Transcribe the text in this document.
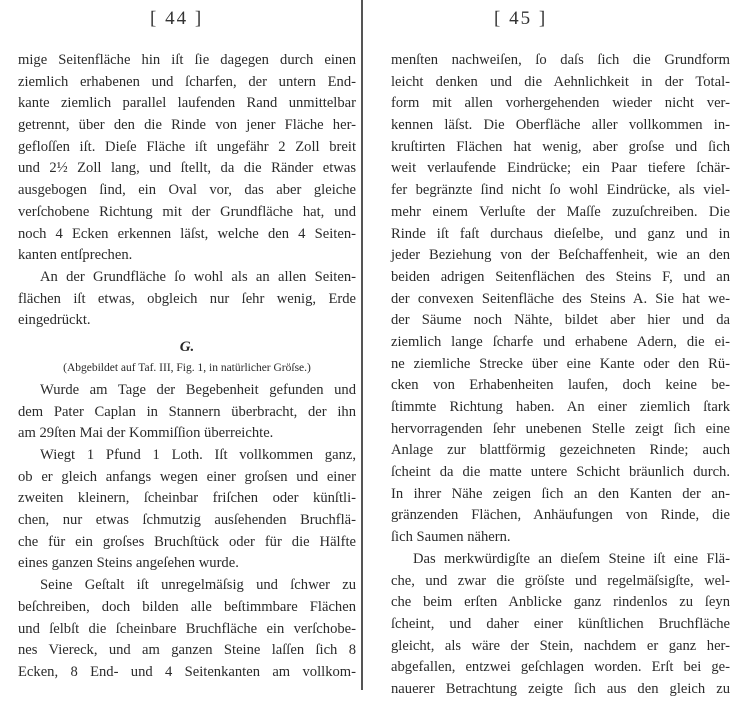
[ 44 ]
mige Seitenfläche hin iſt ſie dagegen durch einen
ziemlich erhabenen und ſcharfen, der untern End-
kante ziemlich parallel laufenden Rand unmittelbar
getrennt, über den die Rinde von jener Fläche her-
gefloſſen iſt. Dieſe Fläche iſt ungefähr 2 Zoll breit
und 2½ Zoll lang, und ſtellt, da die Ränder etwas
ausgebogen ſind, ein Oval vor, das aber gleiche
verſchobene Richtung mit der Grundfläche hat, und
noch 4 Ecken erkennen läſst, welche den 4 Seiten-
kanten entſprechen.
An der Grundfläche ſo wohl als an allen Seiten-
flächen iſt etwas, obgleich nur ſehr wenig, Erde
eingedrückt.
G.
(Abgebildet auf Taf. III, Fig. 1, in natürlicher Gröſse.)
Wurde am Tage der Begebenheit gefunden und
dem Pater Caplan in Stannern überbracht, der ihn
am 29ſten Mai der Kommiſſion überreichte.
Wiegt 1 Pfund 1 Loth. Iſt vollkommen ganz,
ob er gleich anfangs wegen einer groſsen und einer
zweiten kleinern, ſcheinbar friſchen oder künſtli-
chen, nur etwas ſchmutzig ausſehenden Bruchflä-
che für ein groſses Bruchſtück oder für die Hälfte
eines ganzen Steins angeſehen wurde.
Seine Geſtalt iſt unregelmäſsig und ſchwer zu
beſchreiben, doch bilden alle beſtimmbare Flächen
und ſelbſt die ſcheinbare Bruchfläche ein verſchobe-
nes Viereck, und am ganzen Steine laſſen ſich 8
Ecken, 8 End- und 4 Seitenkanten am vollkom-
[ 45 ]
menſten nachweiſen, ſo daſs ſich die Grundform
leicht denken und die Aehnlichkeit in der Total-
form mit allen vorhergehenden wieder nicht ver-
kennen läſst. Die Oberfläche aller vollkommen in-
kruſtirten Flächen hat wenig, aber groſse und ſich
weit verlaufende Eindrücke; ein Paar tiefere ſchär-
fer begränzte ſind nicht ſo wohl Eindrücke, als viel-
mehr einem Verluſte der Maſſe zuzuſchreiben. Die
Rinde iſt faſt durchaus dieſelbe, und ganz und in
jeder Beziehung von der Beſchaffenheit, wie an den
beiden adrigen Seitenflächen des Steins F, und an
der convexen Seitenfläche des Steins A. Sie hat we-
der Säume noch Nähte, bildet aber hier und da
ziemlich lange ſcharfe und erhabene Adern, die ei-
ne ziemliche Strecke über eine Kante oder den Rü-
cken von Erhabenheiten laufen, doch keine be-
ſtimmte Richtung haben. An einer ziemlich ſtark
hervorragenden ſehr unebenen Stelle zeigt ſich eine
Anlage zur blattförmig gezeichneten Rinde; auch
ſcheint da die matte untere Schicht bräunlich durch.
In ihrer Nähe zeigen ſich an den Kanten der an-
gränzenden Flächen, Anhäufungen von Rinde, die
ſich Saumen nähern.
Das merkwürdigſte an dieſem Steine iſt eine Flä-
che, und zwar die gröſste und regelmäſsigſte, wel-
che beim erſten Anblicke ganz rindenlos zu ſeyn
ſcheint, und daher einer künſtlichen Bruchfläche
gleicht, als wäre der Stein, nachdem er ganz her-
abgefallen, entzwei geſchlagen worden. Erſt bei ge-
nauerer Betrachtung zeigte ſich aus den gleich zu
